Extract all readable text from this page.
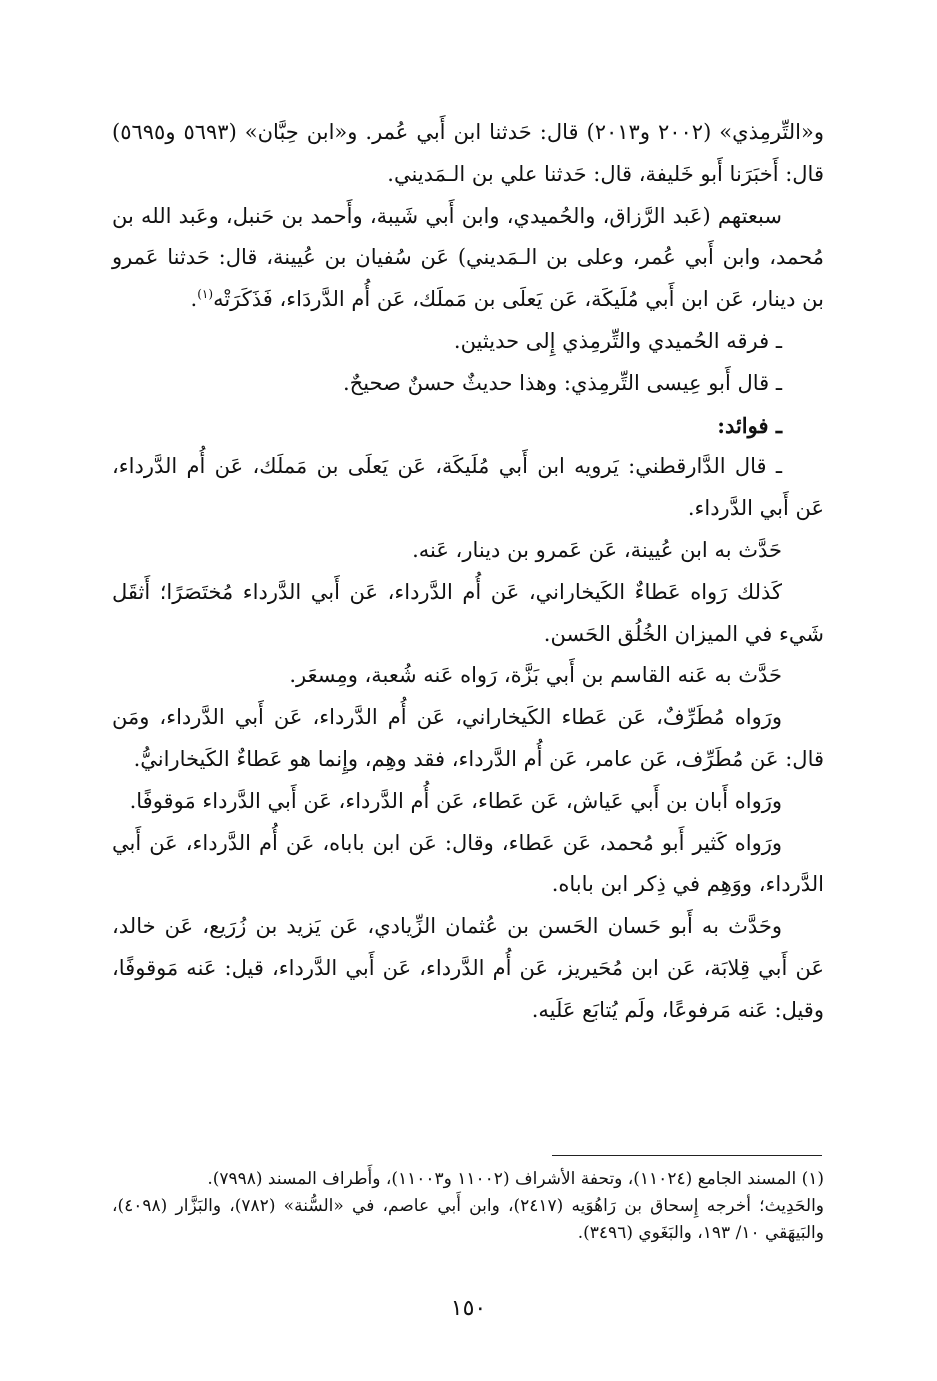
و«التِّرمِذي» (٢٠٠٢ و٢٠١٣) قال: حَدثنا ابن أَبي عُمر. و«ابن حِبَّان» (٥٦٩٣ و٥٦٩٥) قال: أَخبَرَنا أَبو خَليفة، قال: حَدثنا علي بن الـمَديني.

سبعتهم (عَبد الرَّزاق، والحُميدي، وابن أَبي شَيبة، وأَحمد بن حَنبل، وعَبد الله بن مُحمد، وابن أَبي عُمر، وعلى بن الـمَديني) عَن سُفيان بن عُيينة، قال: حَدثنا عَمرو بن دينار، عَن ابن أَبي مُلَيكَة، عَن يَعلَى بن مَملَك، عَن أُم الدَّردَاء، فَذَكَرَتْه$^{(١)}$.

ـ فرقه الحُميدي والتِّرمِذي إِلى حديثين.

ـ قال أَبو عِيسى التِّرمِذي: وهذا حديثٌ حسنٌ صحيحٌ.

ـ فوائد:

ـ قال الدَّارقطني: يَرويه ابن أَبي مُلَيكَة، عَن يَعلَى بن مَملَك، عَن أُم الدَّرداء، عَن أَبي الدَّرداء.

حَدَّث به ابن عُيينة، عَن عَمرو بن دينار، عَنه.

كَذلك رَواه عَطاءٌ الكَيخاراني، عَن أُم الدَّرداء، عَن أَبي الدَّرداء مُختَصَرًا؛ أَثقَل شَيء في الميزان الخُلُق الحَسن.

حَدَّث به عَنه القاسم بن أَبي بَزَّة، رَواه عَنه شُعبة، ومِسعَر.

ورَواه مُطَرِّفٌ، عَن عَطاء الكَيخاراني، عَن أُم الدَّرداء، عَن أَبي الدَّرداء، ومَن قال: عَن مُطَرِّف، عَن عامر، عَن أُم الدَّرداء، فقد وهِم، وإِنما هو عَطاءٌ الكَيخارانيُّ.

ورَواه أَبان بن أَبي عَياش، عَن عَطاء، عَن أُم الدَّرداء، عَن أَبي الدَّرداء مَوقوفًا.

ورَواه كَثير أَبو مُحمد، عَن عَطاء، وقال: عَن ابن باباه، عَن أُم الدَّرداء، عَن أَبي الدَّرداء، ووَهِم في ذِكر ابن باباه.

وحَدَّث به أَبو حَسان الحَسن بن عُثمان الزِّيادي، عَن يَزيد بن زُرَيع، عَن خالد، عَن أَبي قِلابَة، عَن ابن مُحَيريز، عَن أُم الدَّرداء، عَن أَبي الدَّرداء، قيل: عَنه مَوقوفًا، وقيل: عَنه مَرفوعًا، ولَم يُتابَع عَلَيه.

(١) المسند الجامع (١١٠٢٤)، وتحفة الأشراف (١١٠٠٢ و١١٠٠٣)، وأَطراف المسند (٧٩٩٨).

والحَدِيث؛ أخرجه إِسحاق بن رَاهُوَيه (٢٤١٧)، وابن أَبي عاصم، في «السُّنة» (٧٨٢)، والبَزَّار (٤٠٩٨)، والبَيهَقي ١٠/ ١٩٣، والبَغَوي (٣٤٩٦).

١٥٠
